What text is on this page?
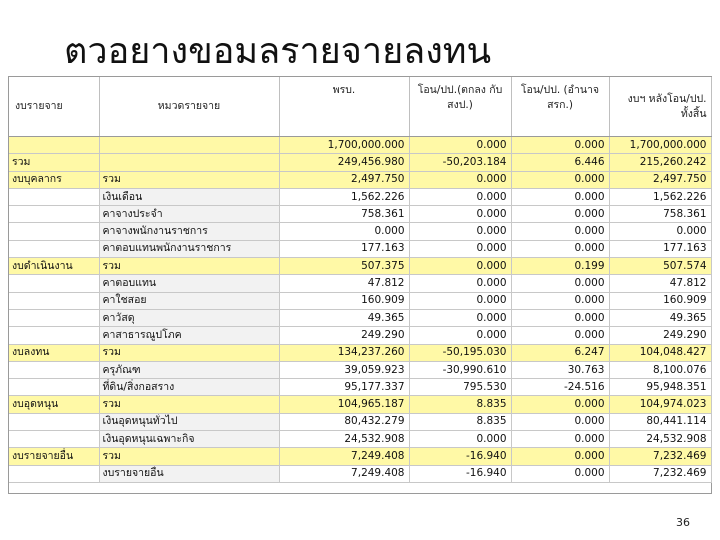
ตวอยางขอมลรายจายลงทน
งบรายจาย	หมวดรายจาย	พรบ.	โอน/ปป.(ตกลง กับสงป.)	โอน/ปป. (อำนาจ สรก.)	งบฯ หลังโอน/ปป. ทั้งสิ้น
		1,700,000.000	0.000	0.000	1,700,000.000
รวม		249,456.980	-50,203.184	6.446	215,260.242
งบบุคลากร	รวม	2,497.750	0.000	0.000	2,497.750
	เงินเดือน	1,562.226	0.000	0.000	1,562.226
	คาจางประจำ	758.361	0.000	0.000	758.361
	คาจางพนักงานราชการ	0.000	0.000	0.000	0.000
	คาตอบแทนพนักงานราชการ	177.163	0.000	0.000	177.163
งบดำเนินงาน	รวม	507.375	0.000	0.199	507.574
	คาตอบแทน	47.812	0.000	0.000	47.812
	คาใชสอย	160.909	0.000	0.000	160.909
	คาวัสดุ	49.365	0.000	0.000	49.365
	คาสาธารณูปโภค	249.290	0.000	0.000	249.290
งบลงทน	รวม	134,237.260	-50,195.030	6.247	104,048.427
	ครุภัณฑ	39,059.923	-30,990.610	30.763	8,100.076
	ที่ดิน/สิ่งกอสราง	95,177.337	795.530	-24.516	95,948.351
งบอุดหนุน	รวม	104,965.187	8.835	0.000	104,974.023
	เงินอุดหนุนทั่วไป	80,432.279	8.835	0.000	80,441.114
	เงินอุดหนุนเฉพาะกิจ	24,532.908	0.000	0.000	24,532.908
งบรายจายอื่น	รวม	7,249.408	-16.940	0.000	7,232.469
	งบรายจายอื่น	7,249.408	-16.940	0.000	7,232.469
36
